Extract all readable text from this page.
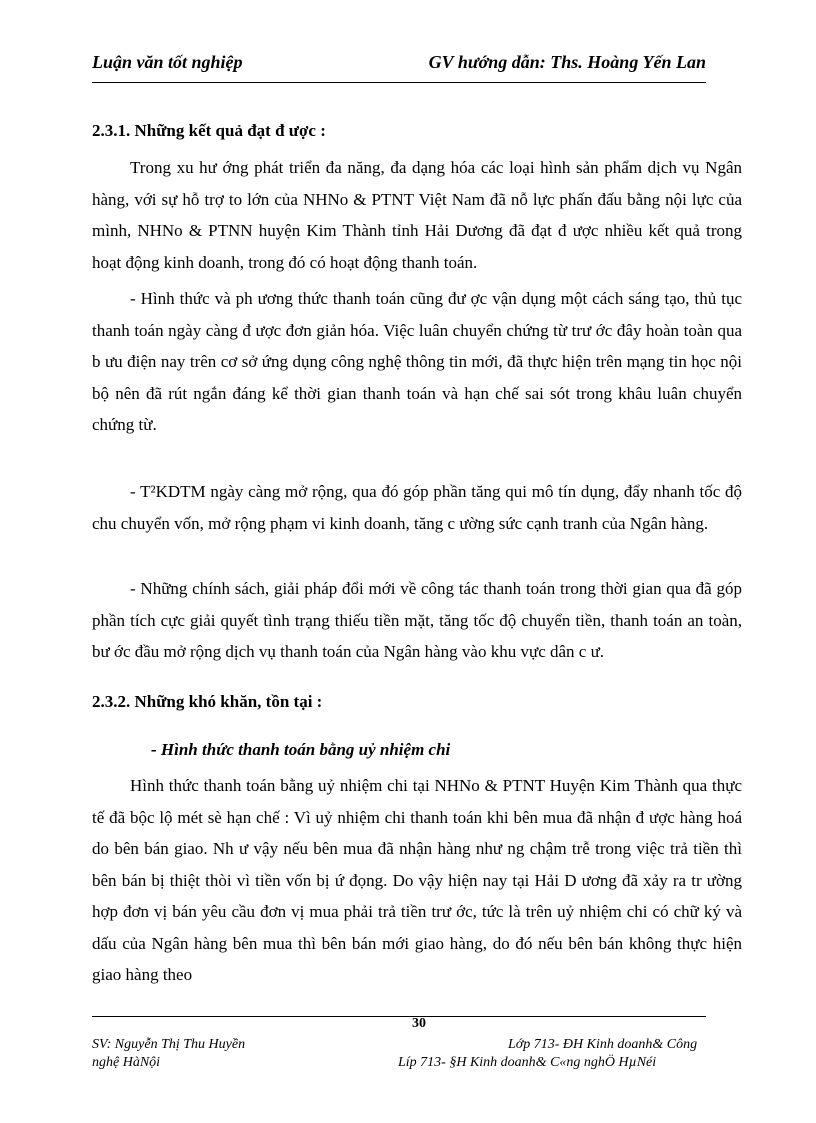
Luận văn tốt nghiệp	GV hướng dẫn: Ths. Hoàng Yến Lan
2.3.1. Những kết quả đạt đ ược :

Trong xu hư ớng phát triển đa năng, đa dạng hóa các loại hình sản phẩm dịch vụ Ngân hàng, với sự hỗ trợ to lớn của NHNo & PTNT Việt Nam đã nỗ lực phấn đấu bằng nội lực của mình, NHNo & PTNN huyện Kim Thành tỉnh Hải Dương đã đạt đ ược nhiều kết quả trong hoạt động kinh doanh, trong đó có hoạt động thanh toán.

- Hình thức và ph ương thức thanh toán cũng đư ợc vận dụng một cách sáng tạo, thủ tục thanh toán ngày càng đ ược đơn giản hóa. Việc luân chuyển chứng từ trư ớc đây hoàn toàn qua b ưu điện nay trên cơ sở ứng dụng công nghệ thông tin mới, đã thực hiện trên mạng tin học nội bộ nên đã rút ngắn đáng kể thời gian thanh toán và hạn chế sai sót trong khâu luân chuyển chứng từ.

- T²KDTM ngày càng mở rộng, qua đó góp phần tăng qui mô tín dụng, đẩy nhanh tốc độ chu chuyển vốn, mở rộng phạm vi kinh doanh, tăng c ường sức cạnh tranh của Ngân hàng.

- Những chính sách, giải pháp đổi mới về công tác thanh toán trong thời gian qua đã góp phần tích cực giải quyết tình trạng thiếu tiền mặt, tăng tốc độ chuyển tiền, thanh toán an toàn, bư ớc đầu mở rộng dịch vụ thanh toán của Ngân hàng vào khu vực dân c ư.

2.3.2. Những khó khăn, tồn tại :
- Hình thức thanh toán bằng uỷ nhiệm chi

Hình thức thanh toán bằng uỷ nhiệm chi tại NHNo & PTNT Huyện Kim Thành qua thực tế đã bộc lộ mét sè hạn chế : Vì uỷ nhiệm chi thanh toán khi bên mua đã nhận đ ược hàng hoá do bên bán giao. Nh ư vậy nếu bên mua đã nhận hàng như ng chậm trễ trong việc trả tiền thì bên bán bị thiệt thòi vì tiền vốn bị ứ đọng. Do vậy hiện nay tại Hải D ương đã xảy ra tr ường hợp đơn vị bán yêu cầu đơn vị mua phải trả tiền trư ớc, tức là trên uỷ nhiệm chi có chữ ký và dấu của Ngân hàng bên mua thì bên bán mới giao hàng, do đó nếu bên bán không thực hiện giao hàng theo

30
SV: Nguyễn Thị Thu Huyền	Lớp 713- ĐH Kinh doanh& Công
nghệ HàNội	Líp 713- §H Kinh doanh& C«ng nghÖ HµNéi
